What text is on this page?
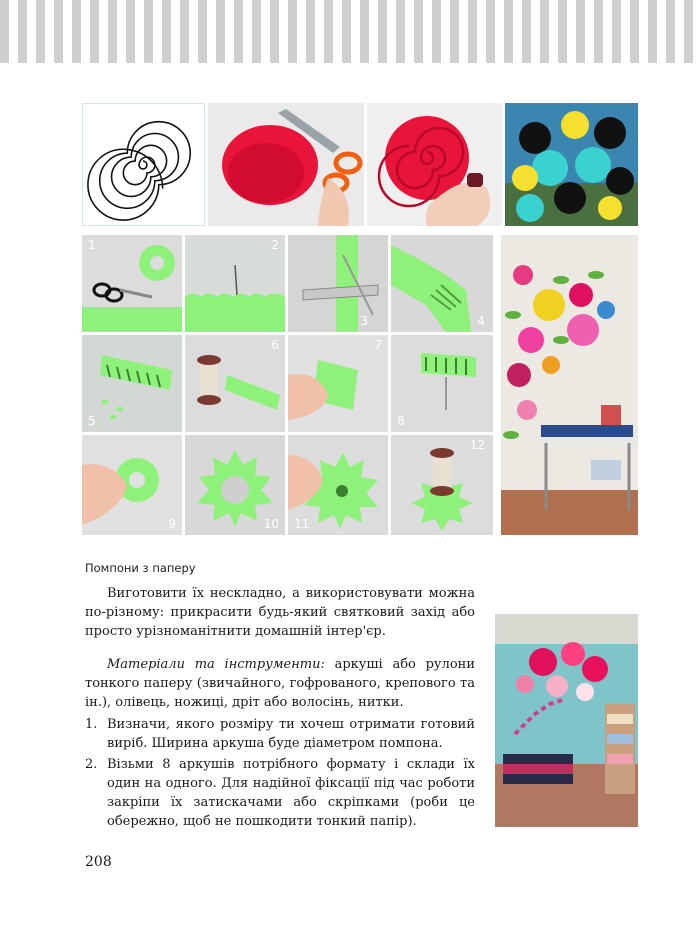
1	2
3	4
5
6	7
8
9	10 11
12
Помпони з паперу

Виготовити їх нескладно, а використовувати можна по-різному: прикрасити будь-який святковий захід або просто урізноманітнити домашній інтер'єр.

Матеріали та інструменти: аркуші або рулони тонкого паперу (звичайного, гофрованого, крепового та ін.), олівець, ножиці, дріт або волосінь, нитки.

1. Визначи, якого розміру ти хочеш отримати готовий виріб. Ширина аркуша буде діаметром помпона.
2. Візьми 8 аркушів потрібного формату і склади їх один на одного. Для надійної фіксації під час роботи закріпи їх затискачами або скріпками (роби це обережно, щоб не пошкодити тонкий папір).
208
